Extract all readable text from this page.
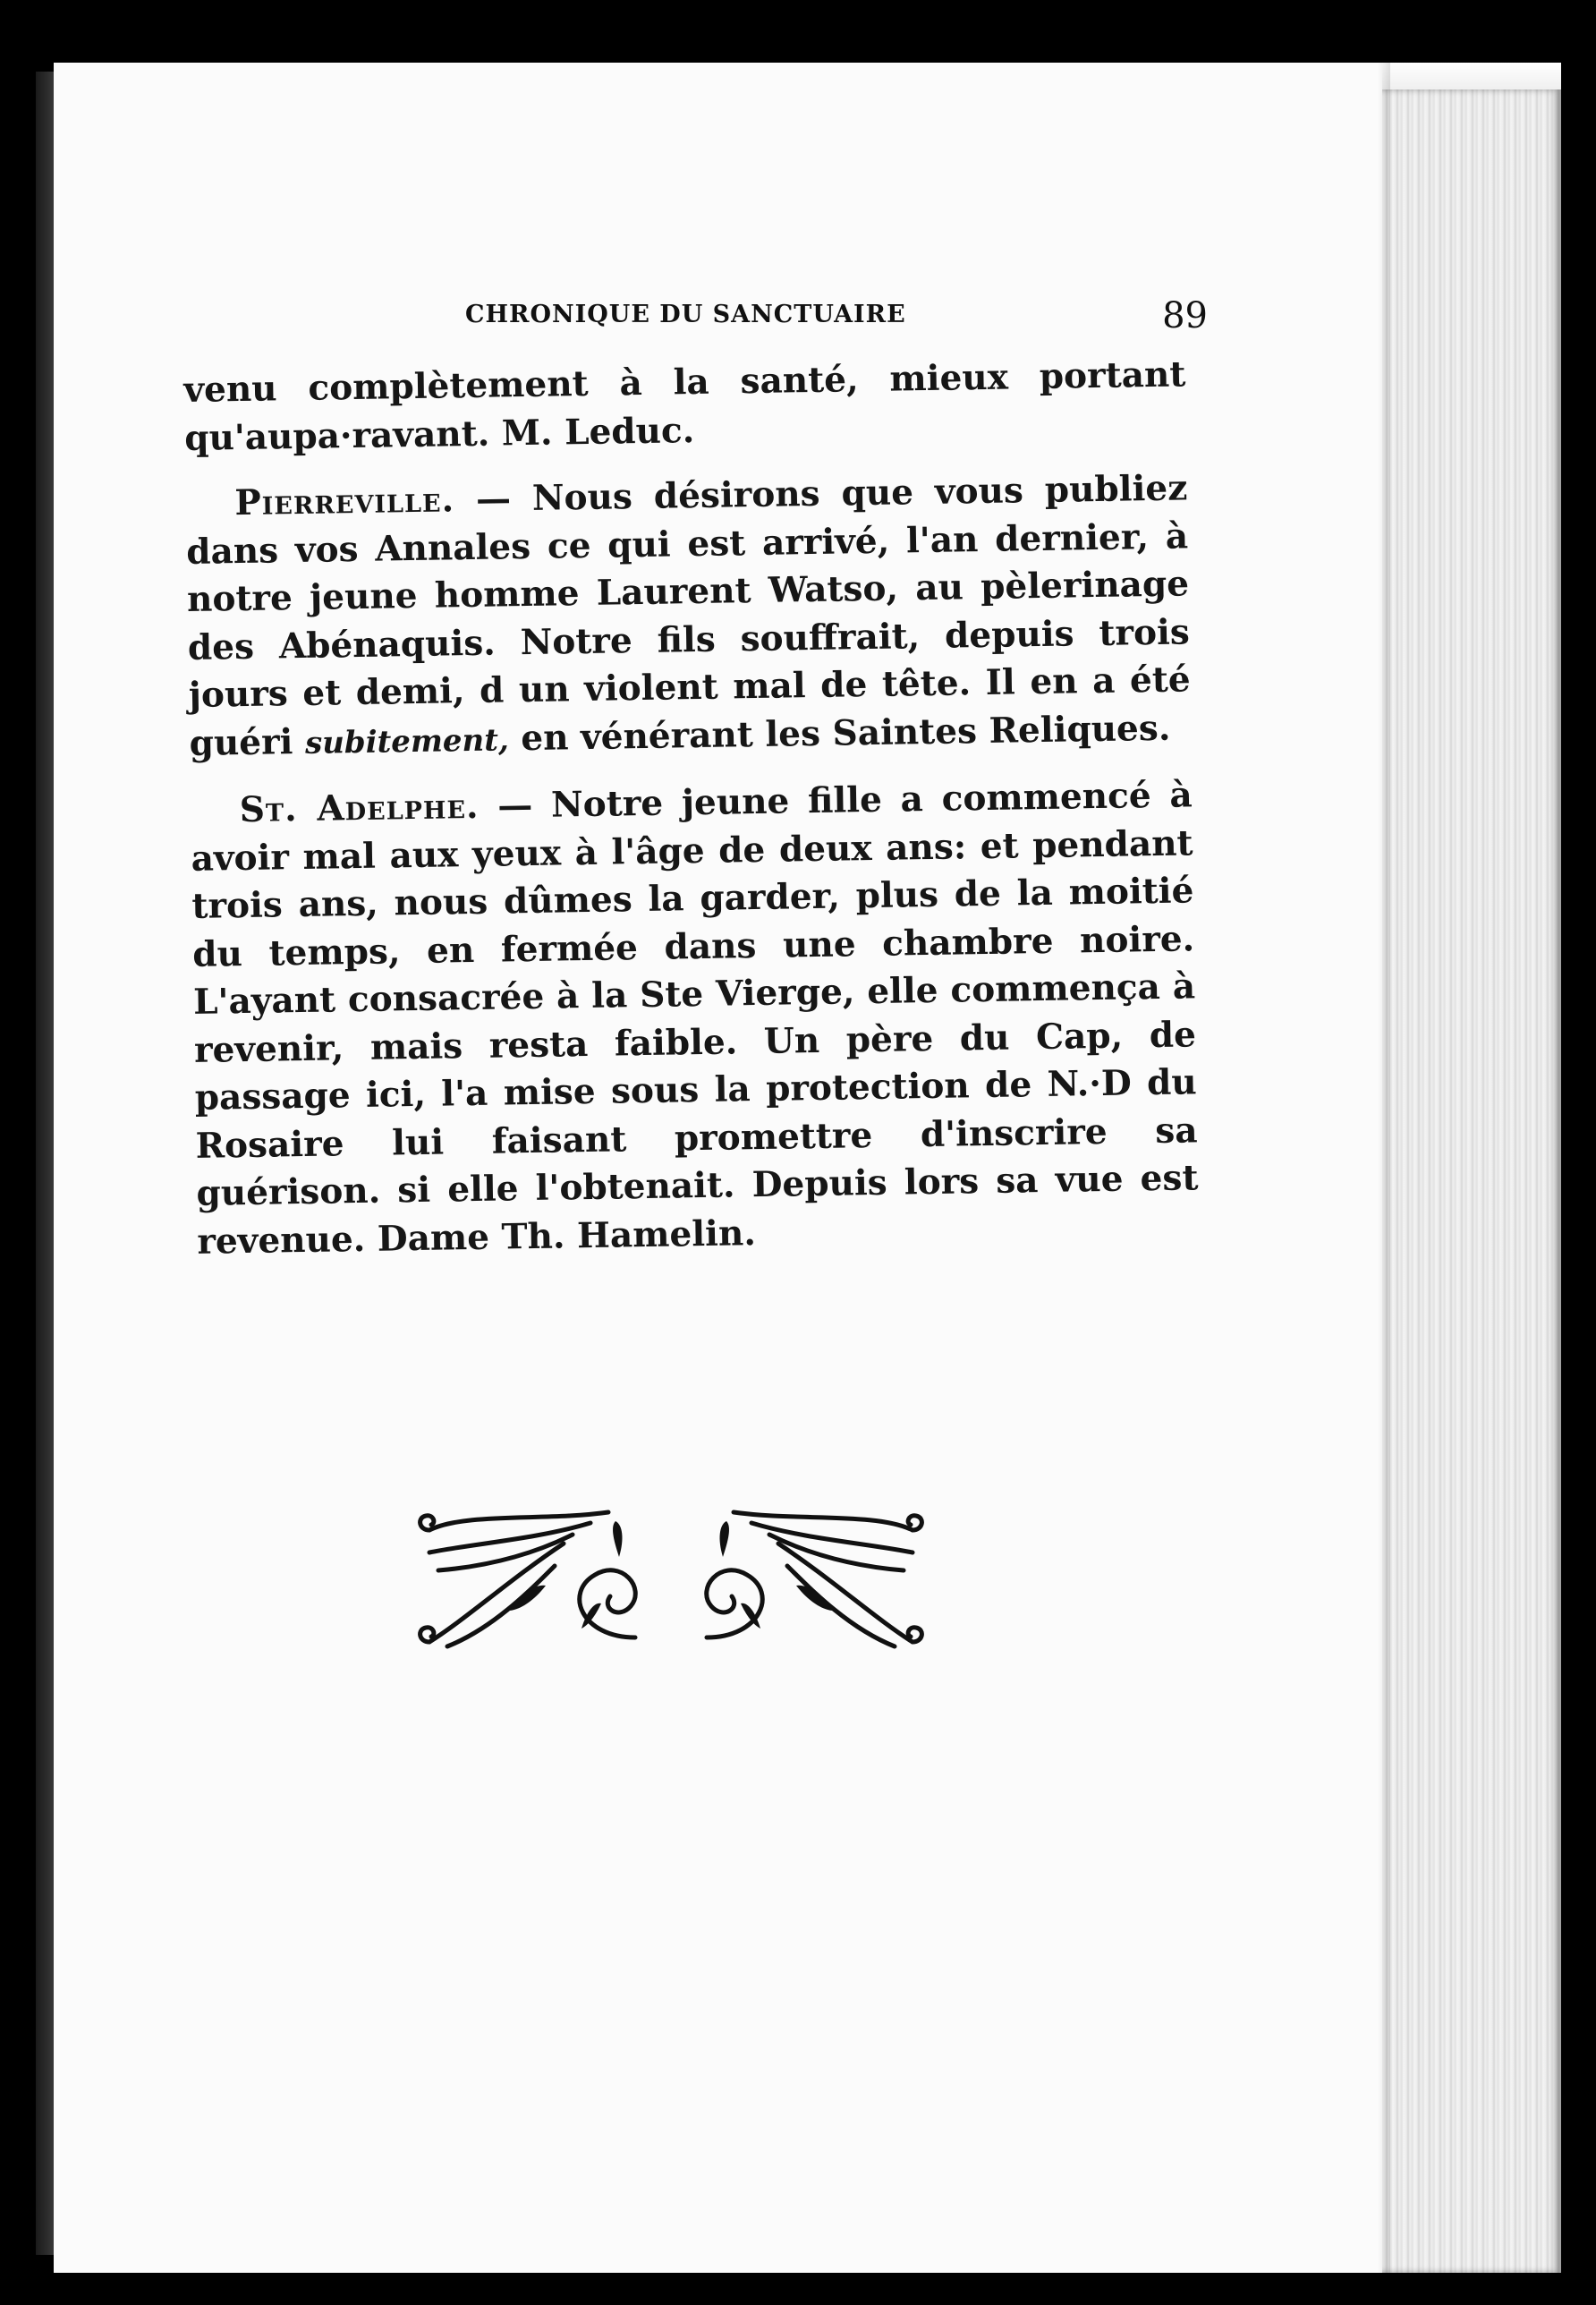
CHRONIQUE DU SANCTUAIRE	89

venu complètement à la santé, mieux portant qu'aupa·ravant. M. Leduc.

Pierreville. — Nous désirons que vous publiez dans vos Annales ce qui est arrivé, l'an dernier, à notre jeune homme Laurent Watso, au pèlerinage des Abénaquis. Notre fils souffrait, depuis trois jours et demi, d un violent mal de tête. Il en a été guéri subitement, en vénérant les Saintes Reliques.

St. Adelphe. — Notre jeune fille a commencé à avoir mal aux yeux à l'âge de deux ans: et pendant trois ans, nous dûmes la garder, plus de la moitié du temps, en fermée dans une chambre noire. L'ayant consacrée à la Ste Vierge, elle commença à revenir, mais resta faible. Un père du Cap, de passage ici, l'a mise sous la protection de N.·D du Rosaire lui faisant promettre d'inscrire sa guérison. si elle l'obtenait. Depuis lors sa vue est revenue. Dame Th. Hamelin.
